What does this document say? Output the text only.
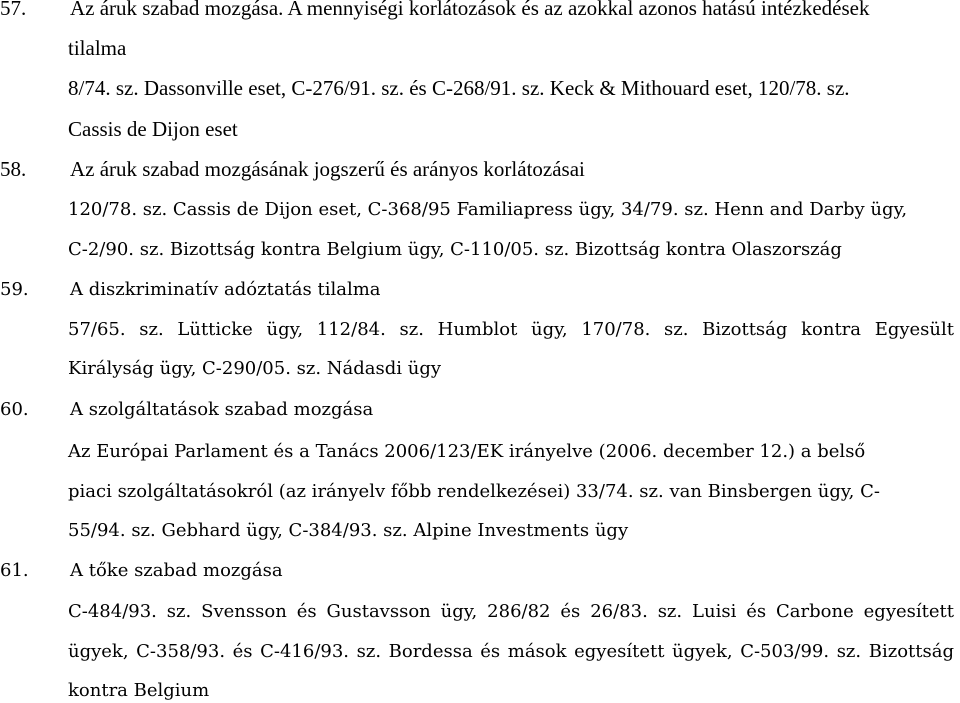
57. Az áruk szabad mozgása. A mennyiségi korlátozások és az azokkal azonos hatású intézkedések
tilalma
8/74. sz. Dassonville eset, C-276/91. sz. és C-268/91. sz. Keck & Mithouard eset, 120/78. sz.
Cassis de Dijon eset
58. Az áruk szabad mozgásának jogszerű és arányos korlátozásai
120/78. sz. Cassis de Dijon eset, C-368/95 Familiapress ügy, 34/79. sz. Henn and Darby ügy,
C-2/90. sz. Bizottság kontra Belgium ügy, C-110/05. sz. Bizottság kontra Olaszország
59. A diszkriminatív adóztatás tilalma
57/65. sz. Lütticke ügy, 112/84. sz. Humblot ügy, 170/78. sz. Bizottság kontra Egyesült
Királyság ügy, C-290/05. sz. Nádasdi ügy
60. A szolgáltatások szabad mozgása
Az Európai Parlament és a Tanács 2006/123/EK irányelve (2006. december 12.) a belső
piaci szolgáltatásokról (az irányelv főbb rendelkezései) 33/74. sz. van Binsbergen ügy, C-
55/94. sz. Gebhard ügy, C-384/93. sz. Alpine Investments ügy
61. A tőke szabad mozgása
C-484/93. sz. Svensson és Gustavsson ügy, 286/82 és 26/83. sz. Luisi és Carbone egyesített
ügyek, C-358/93. és C-416/93. sz. Bordessa és mások egyesített ügyek, C-503/99. sz. Bizottság
kontra Belgium
